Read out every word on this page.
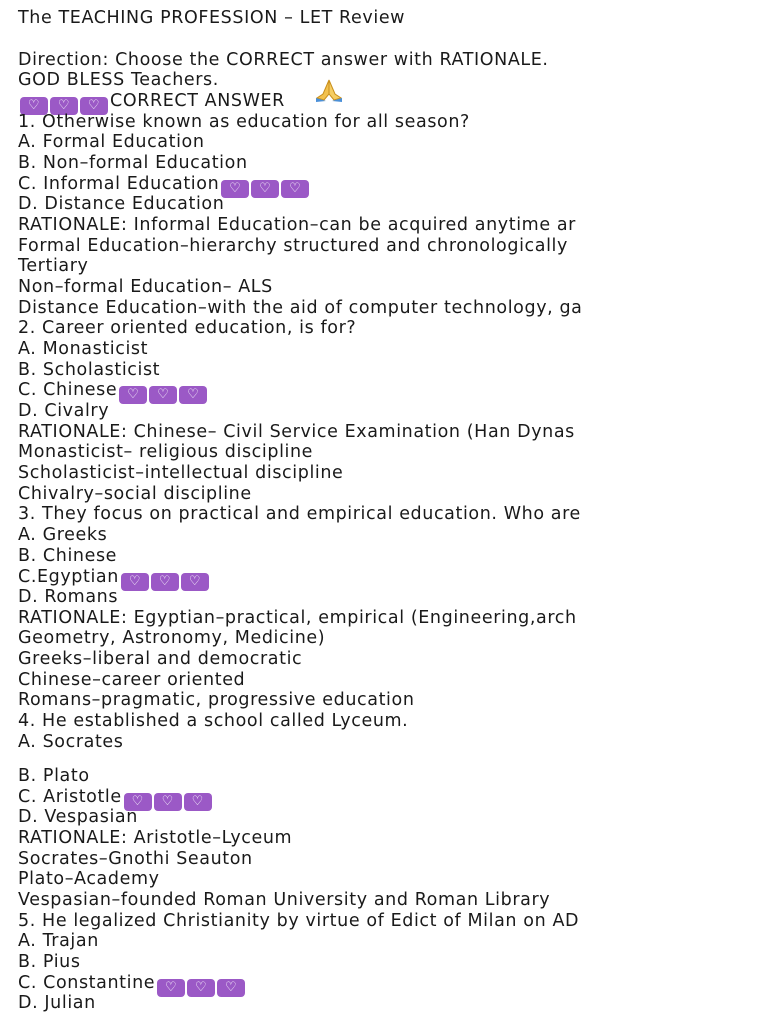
The TEACHING PROFESSION – LET Review
Direction: Choose the CORRECT answer with RATIONALE.
GOD BLESS Teachers.
♡ ♡ ♡ CORRECT ANSWER
1. Otherwise known as education for all season?
A. Formal Education
B. Non–formal Education
C. Informal Education ♡ ♡ ♡
D. Distance Education
RATIONALE: Informal Education–can be acquired anytime ar
Formal Education–hierarchy structured and chronologically
Tertiary
Non–formal Education– ALS
Distance Education–with the aid of computer technology, ga
2. Career oriented education, is for?
A. Monasticist
B. Scholasticist
C. Chinese ♡ ♡ ♡
D. Civalry
RATIONALE: Chinese– Civil Service Examination (Han Dynas
Monasticist– religious discipline
Scholasticist–intellectual discipline
Chivalry–social discipline
3. They focus on practical and empirical education. Who are
A. Greeks
B. Chinese
C.Egyptian ♡ ♡ ♡
D. Romans
RATIONALE: Egyptian–practical, empirical (Engineering,arch
Geometry, Astronomy, Medicine)
Greeks–liberal and democratic
Chinese–career oriented
Romans–pragmatic, progressive education
4. He established a school called Lyceum.
A. Socrates
B. Plato
C. Aristotle ♡ ♡ ♡
D. Vespasian
RATIONALE: Aristotle–Lyceum
Socrates–Gnothi Seauton
Plato–Academy
Vespasian–founded Roman University and Roman Library
5. He legalized Christianity by virtue of Edict of Milan on AD
A. Trajan
B. Pius
C. Constantine ♡ ♡ ♡
D. Julian
